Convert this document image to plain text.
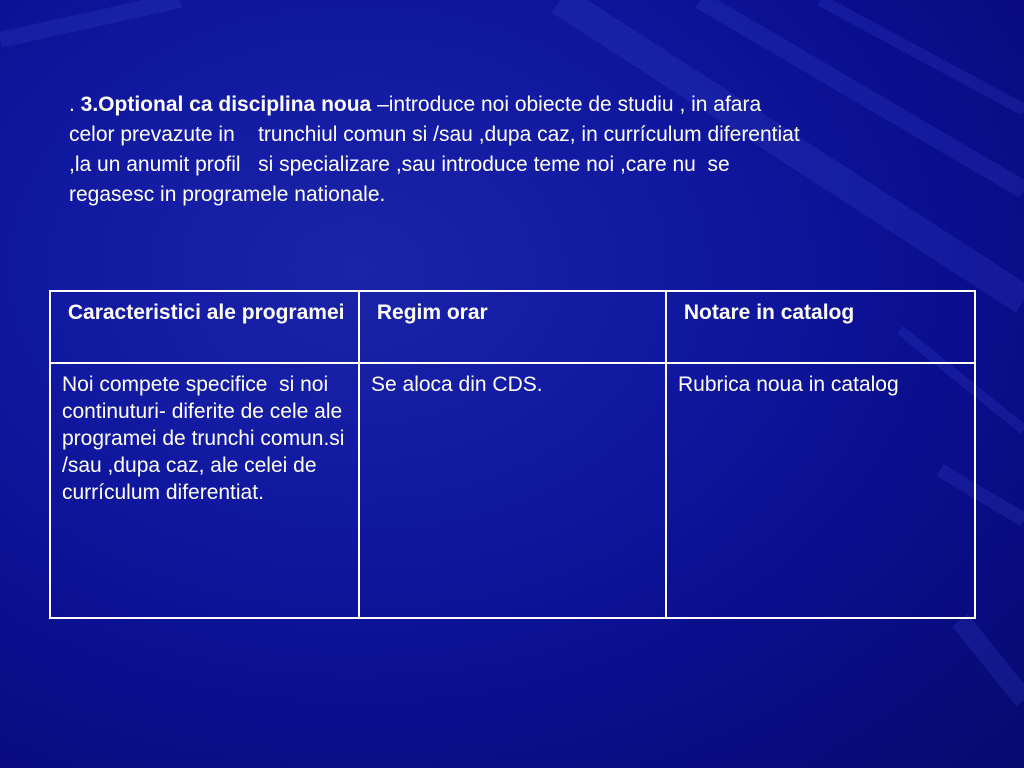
. 3.Optional ca disciplina noua –introduce noi obiecte de studiu , in afara
celor prevazute in    trunchiul comun si /sau ,dupa caz, in currículum diferentiat
,la un anumit profil   si specializare ,sau introduce teme noi ,care nu  se
regasesc in programele nationale.
Caracteristici ale programei	Regim orar	Notare in catalog
Noi compete specifice  si noi continuturi- diferite de cele ale programei de trunchi comun.si /sau ,dupa caz, ale celei de currículum diferentiat.	Se aloca din CDS.	Rubrica noua in catalog
